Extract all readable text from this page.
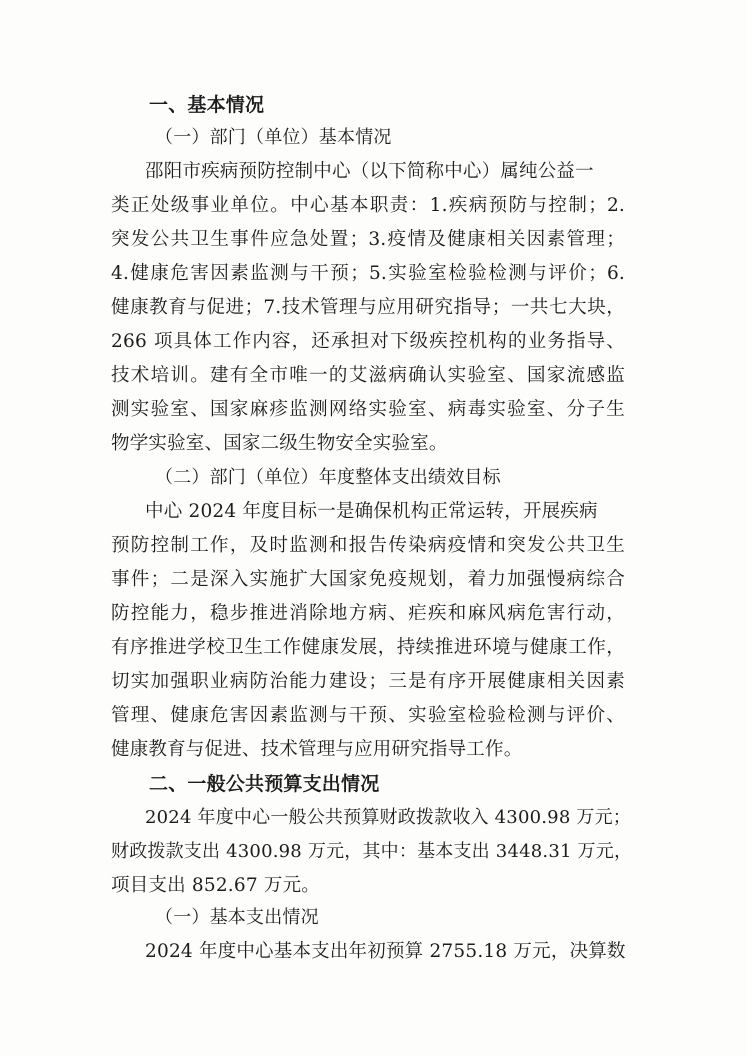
一、基本情况
（一）部门（单位）基本情况
邵阳市疾病预防控制中心（以下简称中心）属纯公益一
类正处级事业单位。中心基本职责：1.疾病预防与控制；2.
突发公共卫生事件应急处置；3.疫情及健康相关因素管理；
4.健康危害因素监测与干预；5.实验室检验检测与评价；6.
健康教育与促进；7.技术管理与应用研究指导；一共七大块，
266 项具体工作内容，还承担对下级疾控机构的业务指导、
技术培训。建有全市唯一的艾滋病确认实验室、国家流感监
测实验室、国家麻疹监测网络实验室、病毒实验室、分子生
物学实验室、国家二级生物安全实验室。
（二）部门（单位）年度整体支出绩效目标
中心 2024 年度目标一是确保机构正常运转，开展疾病
预防控制工作，及时监测和报告传染病疫情和突发公共卫生
事件；二是深入实施扩大国家免疫规划，着力加强慢病综合
防控能力，稳步推进消除地方病、疟疾和麻风病危害行动，
有序推进学校卫生工作健康发展，持续推进环境与健康工作，
切实加强职业病防治能力建设；三是有序开展健康相关因素
管理、健康危害因素监测与干预、实验室检验检测与评价、
健康教育与促进、技术管理与应用研究指导工作。
二、一般公共预算支出情况
2024 年度中心一般公共预算财政拨款收入 4300.98 万元；
财政拨款支出 4300.98 万元，其中：基本支出 3448.31 万元，
项目支出 852.67 万元。
（一）基本支出情况
2024 年度中心基本支出年初预算 2755.18 万元，决算数
